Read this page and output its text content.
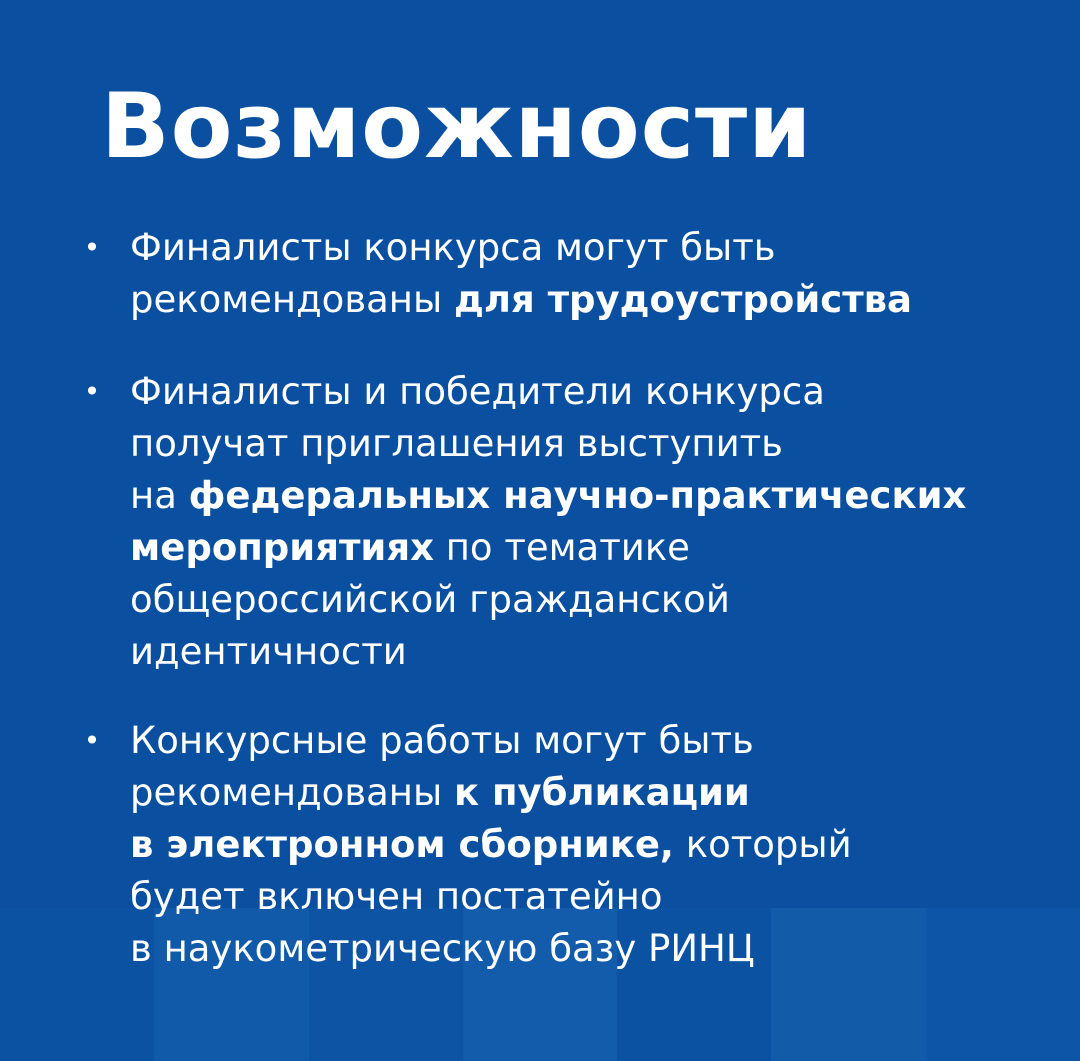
Возможности
• Финалисты конкурса могут быть
рекомендованы для трудоустройства
• Финалисты и победители конкурса
получат приглашения выступить
на федеральных научно-практических
мероприятиях по тематике
общероссийской гражданской
идентичности
• Конкурсные работы могут быть
рекомендованы к публикации
в электронном сборнике, который
будет включен постатейно
в наукометрическую базу РИНЦ
